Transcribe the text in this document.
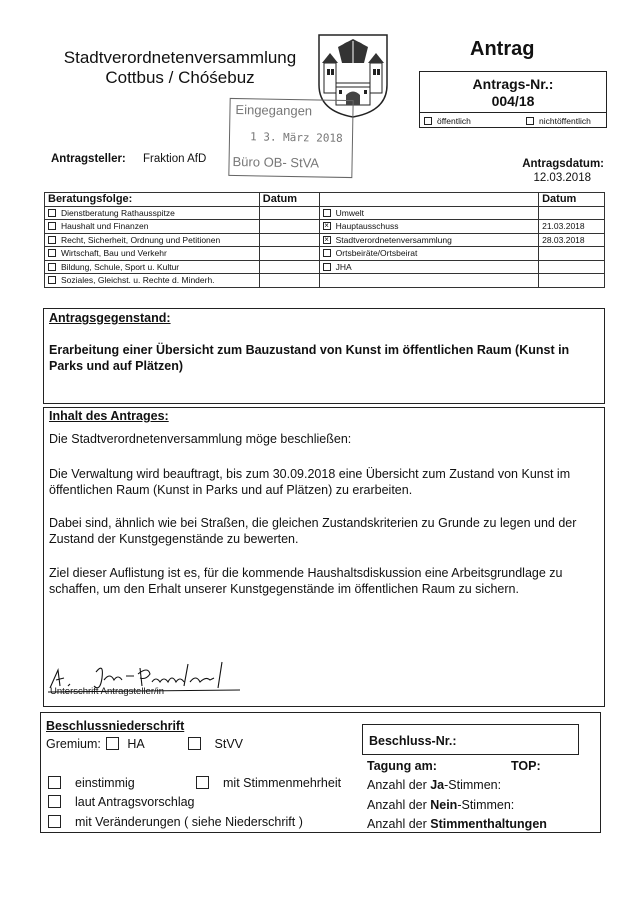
Stadtverordnetenversammlung
Cottbus / Chóśebuz
Antrag
Antrags-Nr.:
004/18
öffentlich	nichtöffentlich
Eingegangen
1 3. März 2018
Büro OB- StVA
Antragsteller: Fraktion AfD	Antragsdatum:
12.03.2018
Beratungsfolge:	Datum		Datum
Dienstberatung Rathausspitze		Umwelt	
Haushalt und Finanzen		× Hauptausschuss	21.03.2018
Recht, Sicherheit, Ordnung und Petitionen		× Stadtverordnetenversammlung	28.03.2018
Wirtschaft, Bau und Verkehr		Ortsbeiräte/Ortsbeirat	
Bildung, Schule, Sport u. Kultur		JHA	
Soziales, Gleichst. u. Rechte d. Minderh.			
Antragsgegenstand:
Erarbeitung einer Übersicht zum Bauzustand von Kunst im öffentlichen Raum (Kunst in Parks und auf Plätzen)
Inhalt des Antrages:
Die Stadtverordnetenversammlung möge beschließen:
Die Verwaltung wird beauftragt, bis zum 30.09.2018 eine Übersicht zum Zustand von Kunst im öffentlichen Raum (Kunst in Parks und auf Plätzen) zu erarbeiten.
Dabei sind, ähnlich wie bei Straßen, die gleichen Zustandskriterien zu Grunde zu legen und der Zustand der Kunstgegenstände zu bewerten.
Ziel dieser Auflistung ist es, für die kommende Haushaltsdiskussion eine Arbeitsgrundlage zu schaffen, um den Erhalt unserer Kunstgegenstände im öffentlichen Raum zu sichern.
Unterschrift Antragsteller/in
Beschlussniederschrift
Gremium: HA	StVV	Beschluss-Nr.:
Tagung am:	TOP:
einstimmig	mit Stimmenmehrheit
laut Antragsvorschlag
mit Veränderungen ( siehe Niederschrift )
Anzahl der Ja-Stimmen:
Anzahl der Nein-Stimmen:
Anzahl der Stimmenthaltungen
